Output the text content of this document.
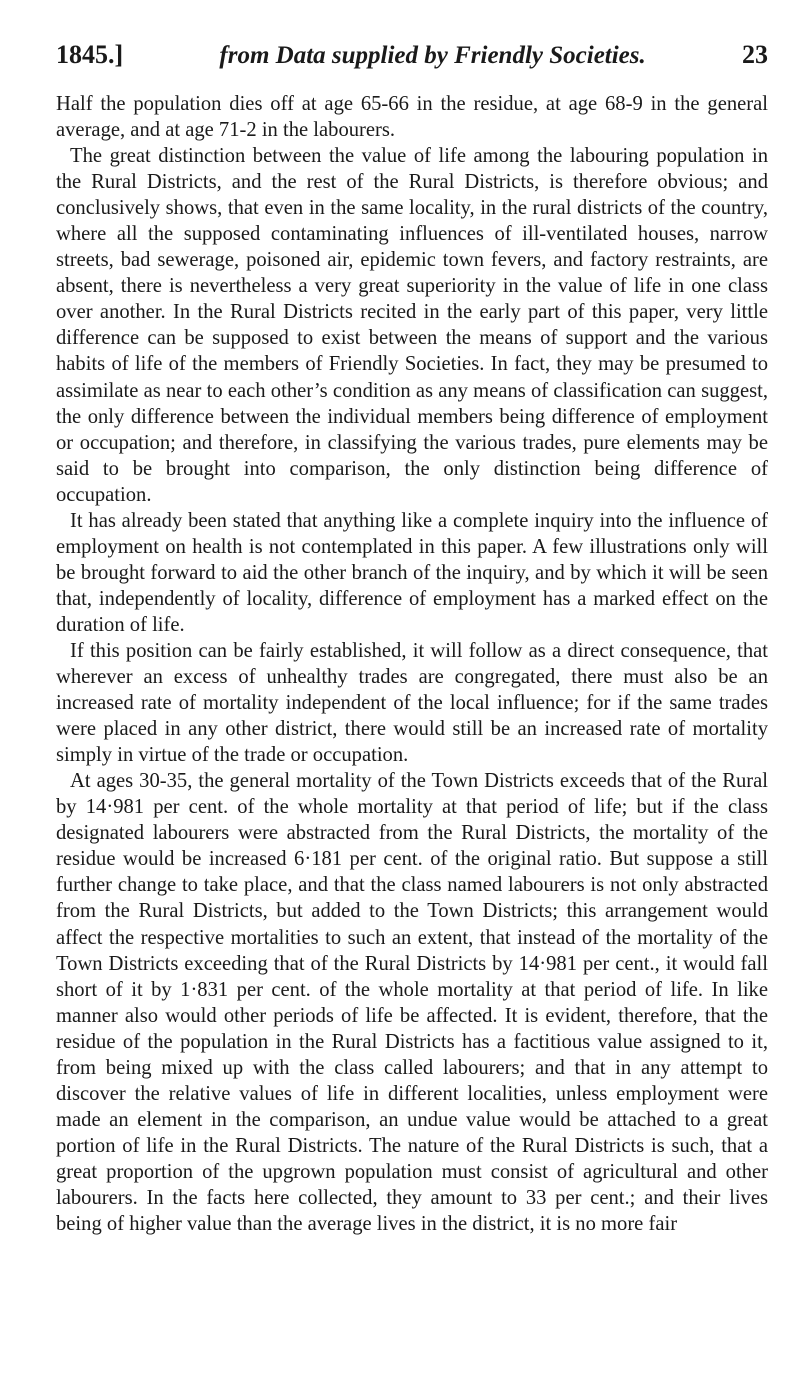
1845.]	from Data supplied by Friendly Societies.	23

Half the population dies off at age 65-66 in the residue, at age 68-9 in the general average, and at age 71-2 in the labourers.

The great distinction between the value of life among the labouring population in the Rural Districts, and the rest of the Rural Districts, is therefore obvious; and conclusively shows, that even in the same locality, in the rural districts of the country, where all the supposed contaminating influences of ill-ventilated houses, narrow streets, bad sewerage, poisoned air, epidemic town fevers, and factory restraints, are absent, there is nevertheless a very great superiority in the value of life in one class over another. In the Rural Districts recited in the early part of this paper, very little difference can be supposed to exist between the means of support and the various habits of life of the members of Friendly Societies. In fact, they may be presumed to assimilate as near to each other’s condition as any means of classification can suggest, the only difference between the individual members being difference of employment or occupation; and therefore, in classifying the various trades, pure elements may be said to be brought into comparison, the only distinction being difference of occupation.

It has already been stated that anything like a complete inquiry into the influence of employment on health is not contemplated in this paper. A few illustrations only will be brought forward to aid the other branch of the inquiry, and by which it will be seen that, independently of locality, difference of employment has a marked effect on the duration of life.

If this position can be fairly established, it will follow as a direct consequence, that wherever an excess of unhealthy trades are congregated, there must also be an increased rate of mortality independent of the local influence; for if the same trades were placed in any other district, there would still be an increased rate of mortality simply in virtue of the trade or occupation.

At ages 30-35, the general mortality of the Town Districts exceeds that of the Rural by 14·981 per cent. of the whole mortality at that period of life; but if the class designated labourers were abstracted from the Rural Districts, the mortality of the residue would be increased 6·181 per cent. of the original ratio. But suppose a still further change to take place, and that the class named labourers is not only abstracted from the Rural Districts, but added to the Town Districts; this arrangement would affect the respective mortalities to such an extent, that instead of the mortality of the Town Districts exceeding that of the Rural Districts by 14·981 per cent., it would fall short of it by 1·831 per cent. of the whole mortality at that period of life. In like manner also would other periods of life be affected. It is evident, therefore, that the residue of the population in the Rural Districts has a factitious value assigned to it, from being mixed up with the class called labourers; and that in any attempt to discover the relative values of life in different localities, unless employment were made an element in the comparison, an undue value would be attached to a great portion of life in the Rural Districts. The nature of the Rural Districts is such, that a great proportion of the upgrown population must consist of agricultural and other labourers. In the facts here collected, they amount to 33 per cent.; and their lives being of higher value than the average lives in the district, it is no more fair
